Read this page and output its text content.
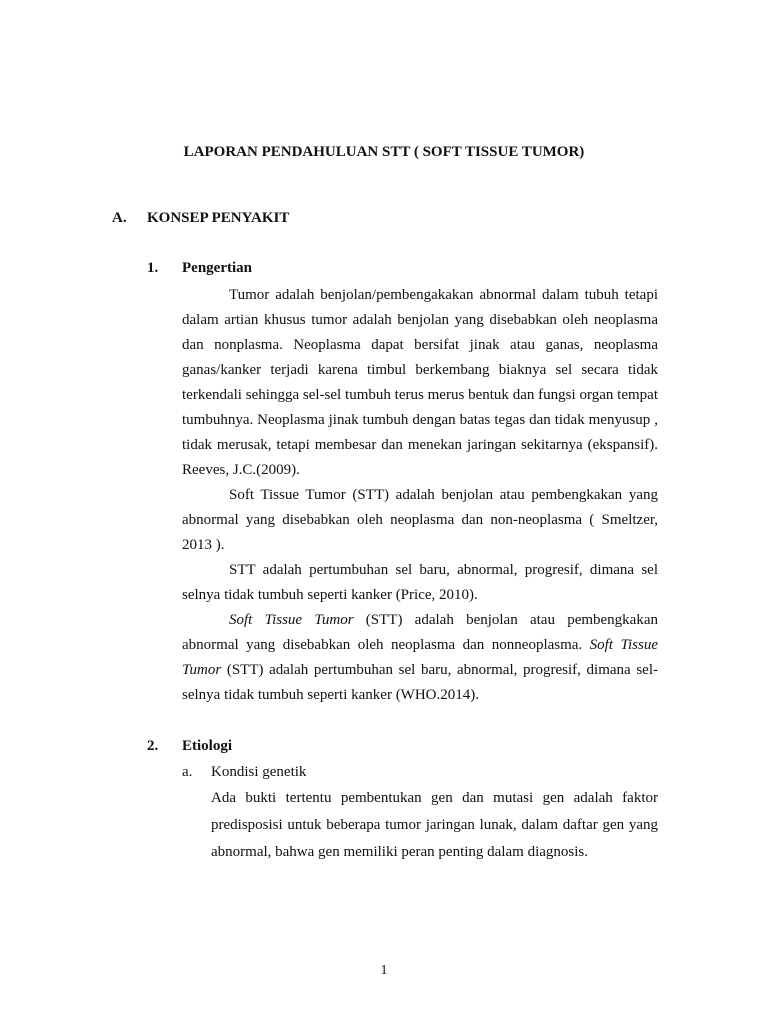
LAPORAN PENDAHULUAN STT ( SOFT TISSUE TUMOR)
A. KONSEP PENYAKIT
1. Pengertian

Tumor adalah benjolan/pembengakakan abnormal dalam tubuh tetapi dalam artian khusus tumor adalah benjolan yang disebabkan oleh neoplasma dan nonplasma. Neoplasma dapat bersifat jinak atau ganas, neoplasma ganas/kanker terjadi karena timbul berkembang biaknya sel secara tidak terkendali sehingga sel-sel tumbuh terus merus bentuk dan fungsi organ tempat tumbuhnya. Neoplasma jinak tumbuh dengan batas tegas dan tidak menyusup , tidak merusak, tetapi membesar dan menekan jaringan sekitarnya (ekspansif). Reeves, J.C.(2009).

Soft Tissue Tumor (STT) adalah benjolan atau pembengkakan yang abnormal yang disebabkan oleh neoplasma dan non-neoplasma ( Smeltzer, 2013 ).

STT adalah pertumbuhan sel baru, abnormal, progresif, dimana sel selnya tidak tumbuh seperti kanker (Price, 2010).

Soft Tissue Tumor (STT) adalah benjolan atau pembengkakan abnormal yang disebabkan oleh neoplasma dan nonneoplasma. Soft Tissue Tumor (STT) adalah pertumbuhan sel baru, abnormal, progresif, dimana sel-selnya tidak tumbuh seperti kanker (WHO.2014).

2. Etiologi
a. Kondisi genetik
Ada bukti tertentu pembentukan gen dan mutasi gen adalah faktor predisposisi untuk beberapa tumor jaringan lunak, dalam daftar gen yang abnormal, bahwa gen memiliki peran penting dalam diagnosis.
1
